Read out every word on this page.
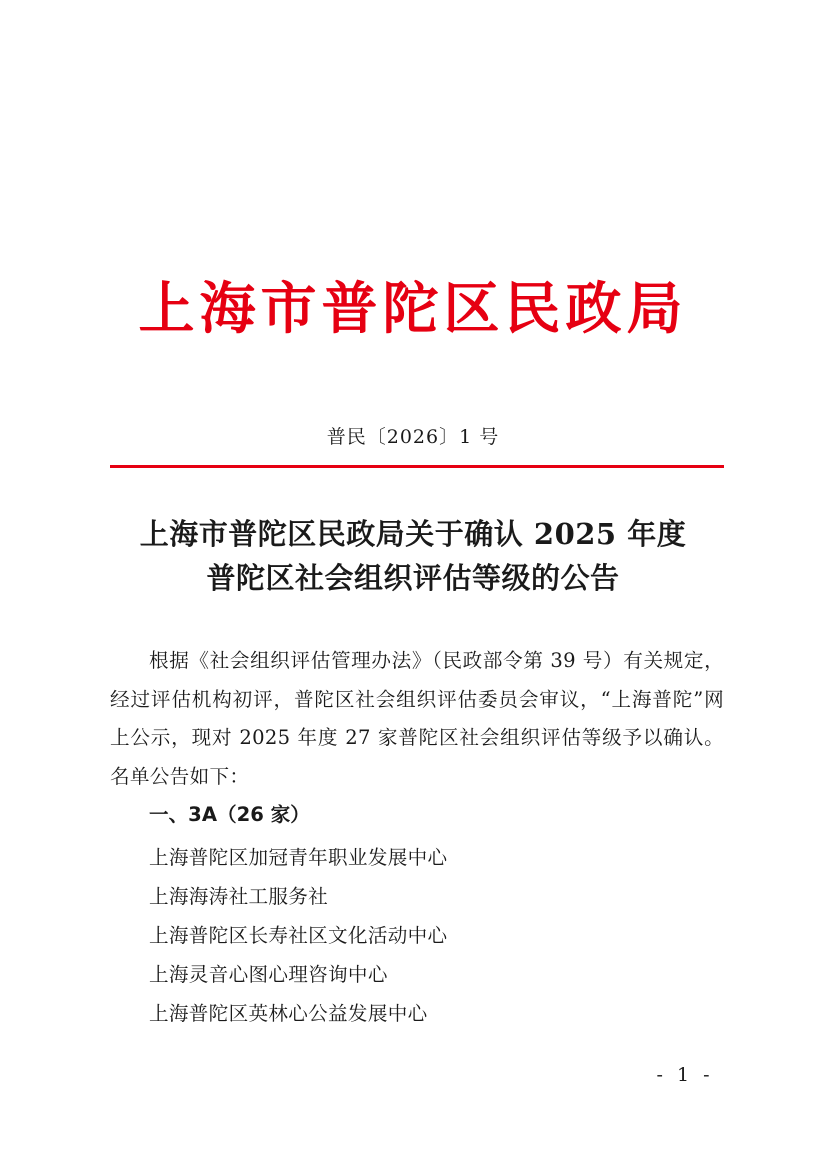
上海市普陀区民政局
普民〔2026〕1 号
上海市普陀区民政局关于确认 2025 年度
普陀区社会组织评估等级的公告

根据《社会组织评估管理办法》（民政部令第 39 号）有关规定，经过评估机构初评，普陀区社会组织评估委员会审议，“上海普陀”网上公示，现对 2025 年度 27 家普陀区社会组织评估等级予以确认。名单公告如下：

一、3A（26 家）
上海普陀区加冠青年职业发展中心
上海海涛社工服务社
上海普陀区长寿社区文化活动中心
上海灵音心图心理咨询中心
上海普陀区英林心公益发展中心
- 1 -
